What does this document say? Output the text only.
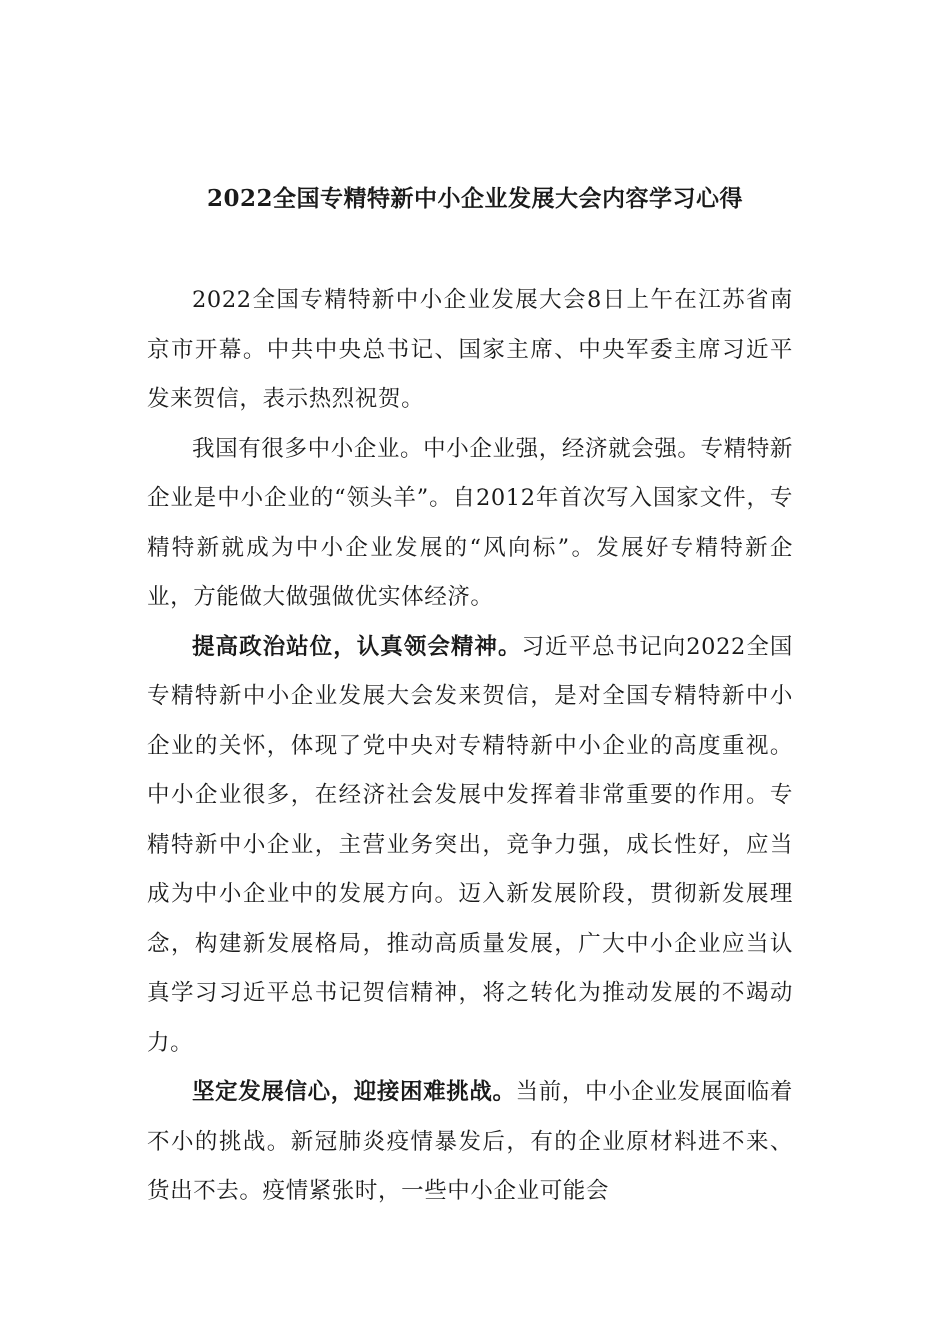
2022全国专精特新中小企业发展大会内容学习心得

2022全国专精特新中小企业发展大会8日上午在江苏省南京市开幕。中共中央总书记、国家主席、中央军委主席习近平发来贺信，表示热烈祝贺。

我国有很多中小企业。中小企业强，经济就会强。专精特新企业是中小企业的“领头羊”。自2012年首次写入国家文件，专精特新就成为中小企业发展的“风向标”。发展好专精特新企业，方能做大做强做优实体经济。

提高政治站位，认真领会精神。习近平总书记向2022全国专精特新中小企业发展大会发来贺信，是对全国专精特新中小企业的关怀，体现了党中央对专精特新中小企业的高度重视。中小企业很多，在经济社会发展中发挥着非常重要的作用。专精特新中小企业，主营业务突出，竞争力强，成长性好，应当成为中小企业中的发展方向。迈入新发展阶段，贯彻新发展理念，构建新发展格局，推动高质量发展，广大中小企业应当认真学习习近平总书记贺信精神，将之转化为推动发展的不竭动力。

坚定发展信心，迎接困难挑战。当前，中小企业发展面临着不小的挑战。新冠肺炎疫情暴发后，有的企业原材料进不来、货出不去。疫情紧张时，一些中小企业可能会
